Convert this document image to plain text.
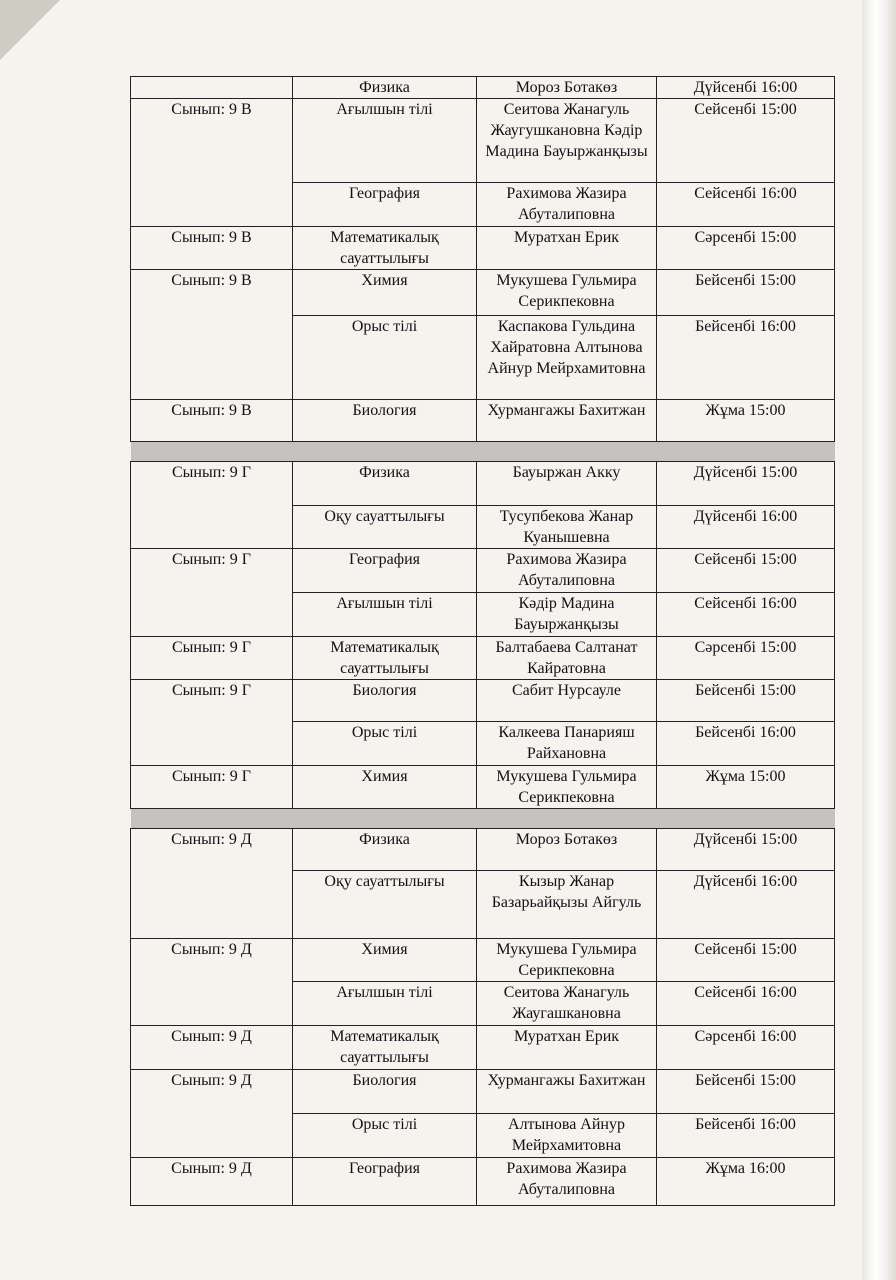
	Физика	Мороз Ботакөз	Дүйсенбі 16:00
Сынып: 9 В	Ағылшын тілі	Сеитова Жанагуль Жаугушкановна Кәдір Мадина Бауыржанқызы	Сейсенбі 15:00
	География	Рахимова Жазира Абуталиповна	Сейсенбі 16:00
Сынып: 9 В	Математикалық сауаттылығы	Муратхан Ерик	Сәрсенбі 15:00
Сынып: 9 В	Химия	Мукушева Гульмира Серикпековна	Бейсенбі 15:00
	Орыс тілі	Каспакова Гульдина Хайратовна Алтынова Айнур Мейрхамитовна	Бейсенбі 16:00
Сынып: 9 В	Биология	Хурмангажы Бахитжан	Жұма 15:00

Сынып: 9 Г	Физика	Бауыржан Акку	Дүйсенбі 15:00
	Оқу сауаттылығы	Тусупбекова Жанар Куанышевна	Дүйсенбі 16:00
Сынып: 9 Г	География	Рахимова Жазира Абуталиповна	Сейсенбі 15:00
	Ағылшын тілі	Кәдір Мадина Бауыржанқызы	Сейсенбі 16:00
Сынып: 9 Г	Математикалық сауаттылығы	Балтабаева Салтанат Кайратовна	Сәрсенбі 15:00
Сынып: 9 Г	Биология	Сабит Нурсауле	Бейсенбі 15:00
	Орыс тілі	Калкеева Панарияш Райхановна	Бейсенбі 16:00
Сынып: 9 Г	Химия	Мукушева Гульмира Серикпековна	Жұма 15:00

Сынып: 9 Д	Физика	Мороз Ботакөз	Дүйсенбі 15:00
	Оқу сауаттылығы	Кызыр Жанар Базарьайқызы Айгуль	Дүйсенбі 16:00
Сынып: 9 Д	Химия	Мукушева Гульмира Серикпековна	Сейсенбі 15:00
	Ағылшын тілі	Сеитова Жанагуль Жаугашкановна	Сейсенбі 16:00
Сынып: 9 Д	Математикалық сауаттылығы	Муратхан Ерик	Сәрсенбі 16:00
Сынып: 9 Д	Биология	Хурмангажы Бахитжан	Бейсенбі 15:00
	Орыс тілі	Алтынова Айнур Мейрхамитовна	Бейсенбі 16:00
Сынып: 9 Д	География	Рахимова Жазира Абуталиповна	Жұма 16:00
